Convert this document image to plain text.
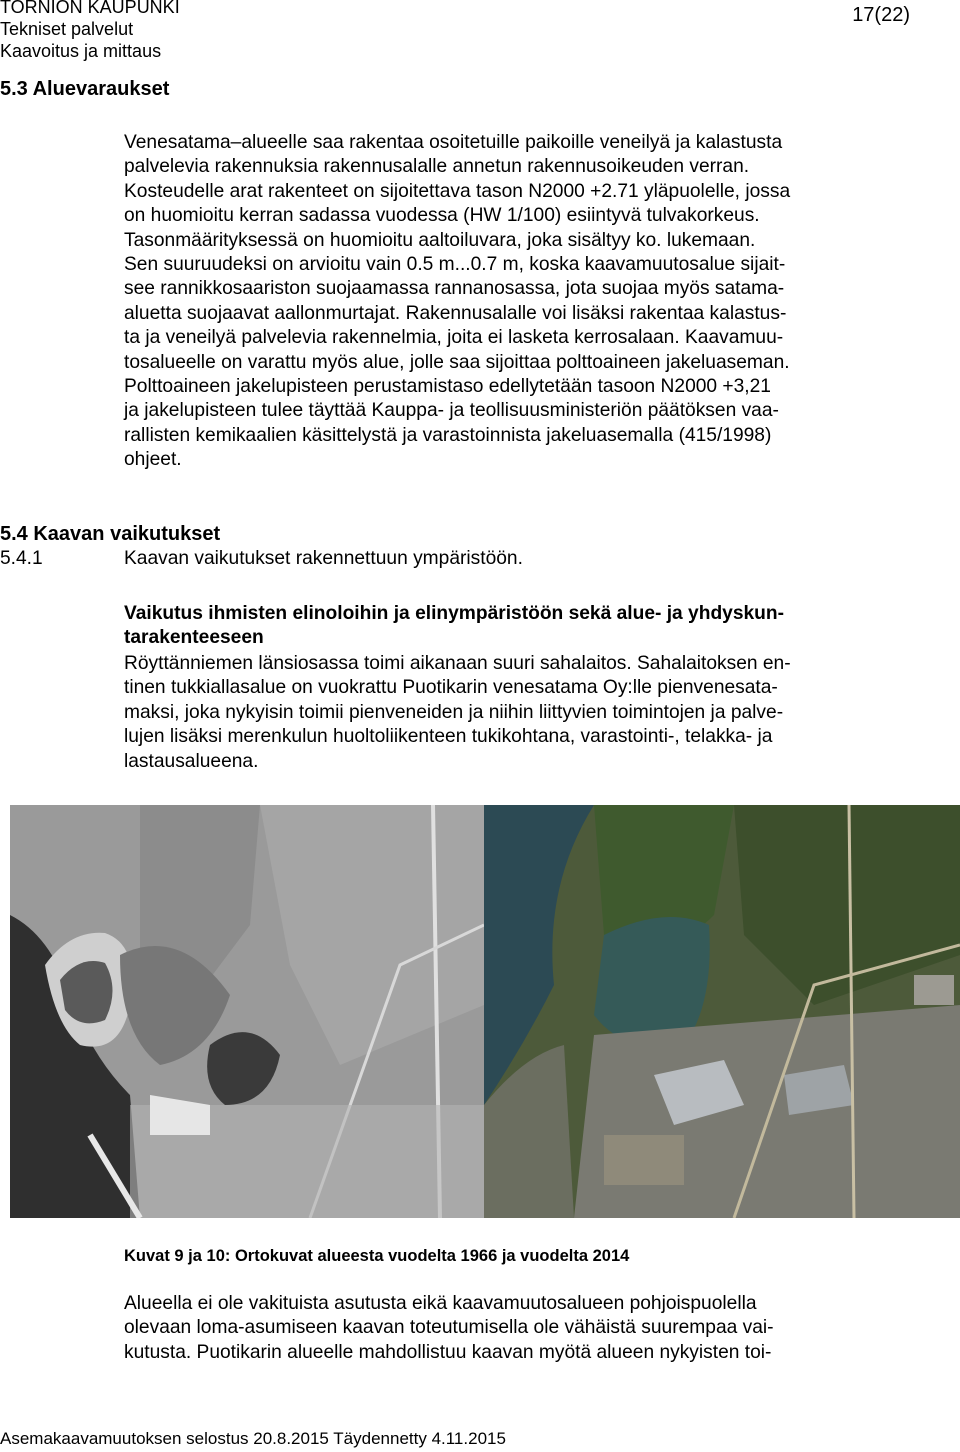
TORNION KAUPUNKI
Tekniset palvelut
Kaavoitus ja mittaus
17(22)
5.3 Aluevaraukset
Venesatama–alueelle saa rakentaa osoitetuille paikoille veneilyä ja kalastusta
palvelevia rakennuksia rakennusalalle annetun rakennusoikeuden verran.
Kosteudelle arat rakenteet on sijoitettava tason N2000 +2.71 yläpuolelle, jossa
on huomioitu kerran sadassa vuodessa (HW 1/100) esiintyvä tulvakorkeus.
Tasonmäärityksessä on huomioitu aaltoiluvara, joka sisältyy ko. lukemaan.
Sen suuruudeksi on arvioitu vain 0.5 m...0.7 m, koska kaavamuutosalue sijait-
see rannikkosaariston suojaamassa rannanosassa, jota suojaa myös satama-
aluetta suojaavat aallonmurtajat. Rakennusalalle voi lisäksi rakentaa kalastus-
ta ja veneilyä palvelevia rakennelmia, joita ei lasketa kerrosalaan. Kaavamuu-
tosalueelle on varattu myös alue, jolle saa sijoittaa polttoaineen jakeluaseman.
Polttoaineen jakelupisteen perustamistaso edellytetään tasoon N2000 +3,21
ja jakelupisteen tulee täyttää Kauppa- ja teollisuusministeriön päätöksen vaa-
rallisten kemikaalien käsittelystä ja varastoinnista jakeluasemalla (415/1998)
ohjeet.
5.4 Kaavan vaikutukset
5.4.1	Kaavan vaikutukset rakennettuun ympäristöön.
Vaikutus ihmisten elinoloihin ja elinympäristöön sekä alue- ja yhdyskun-
tarakenteeseen
Röyttänniemen länsiosassa toimi aikanaan suuri sahalaitos. Sahalaitoksen en-
tinen tukkiallasalue on vuokrattu Puotikarin venesatama Oy:lle pienvenesata-
maksi, joka nykyisin toimii pienveneiden ja niihin liittyvien toimintojen ja palve-
lujen lisäksi merenkulun huoltoliikenteen tukikohtana, varastointi-, telakka- ja
lastausalueena.
Kuvat 9 ja 10: Ortokuvat alueesta vuodelta 1966 ja vuodelta 2014
Alueella ei ole vakituista asutusta eikä kaavamuutosalueen pohjoispuolella
olevaan loma-asumiseen kaavan toteutumisella ole vähäistä suurempaa vai-
kutusta. Puotikarin alueelle mahdollistuu kaavan myötä alueen nykyisten toi-
Asemakaavamuutoksen selostus 20.8.2015 Täydennetty 4.11.2015
